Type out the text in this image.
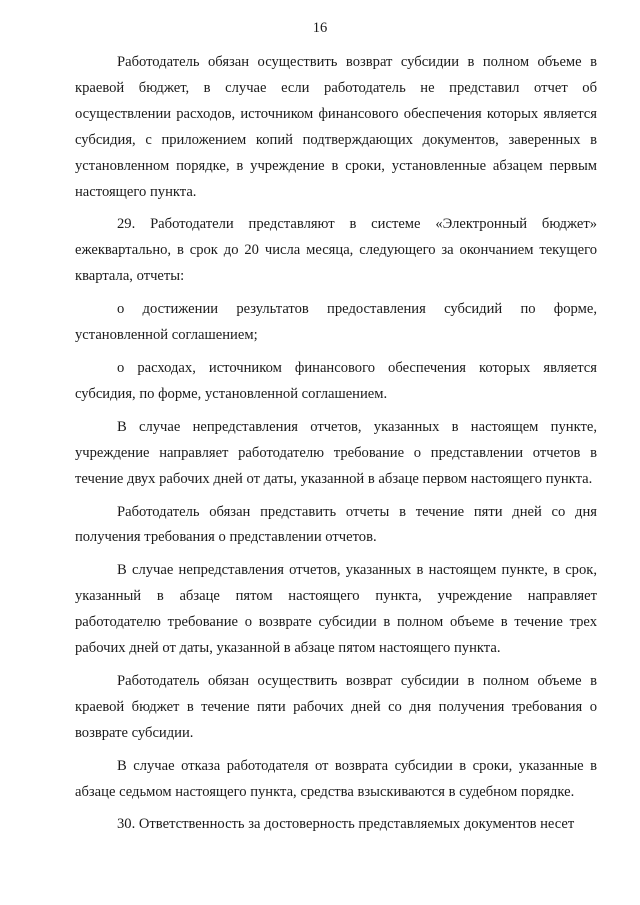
16

Работодатель обязан осуществить возврат субсидии в полном объеме в краевой бюджет, в случае если работодатель не представил отчет об осуществлении расходов, источником финансового обеспечения которых является субсидия, с приложением копий подтверждающих документов, заверенных в установленном порядке, в учреждение в сроки, установленные абзацем первым настоящего пункта.

29. Работодатели представляют в системе «Электронный бюджет» ежеквартально, в срок до 20 числа месяца, следующего за окончанием текущего квартала, отчеты:

о достижении результатов предоставления субсидий по форме, установленной соглашением;

о расходах, источником финансового обеспечения которых является субсидия, по форме, установленной соглашением.

В случае непредставления отчетов, указанных в настоящем пункте, учреждение направляет работодателю требование о представлении отчетов в течение двух рабочих дней от даты, указанной в абзаце первом настоящего пункта.

Работодатель обязан представить отчеты в течение пяти дней со дня получения требования о представлении отчетов.

В случае непредставления отчетов, указанных в настоящем пункте, в срок, указанный в абзаце пятом настоящего пункта, учреждение направляет работодателю требование о возврате субсидии в полном объеме в течение трех рабочих дней от даты, указанной в абзаце пятом настоящего пункта.

Работодатель обязан осуществить возврат субсидии в полном объеме в краевой бюджет в течение пяти рабочих дней со дня получения требования о возврате субсидии.

В случае отказа работодателя от возврата субсидии в сроки, указанные в абзаце седьмом настоящего пункта, средства взыскиваются в судебном порядке.

30. Ответственность за достоверность представляемых документов несет
